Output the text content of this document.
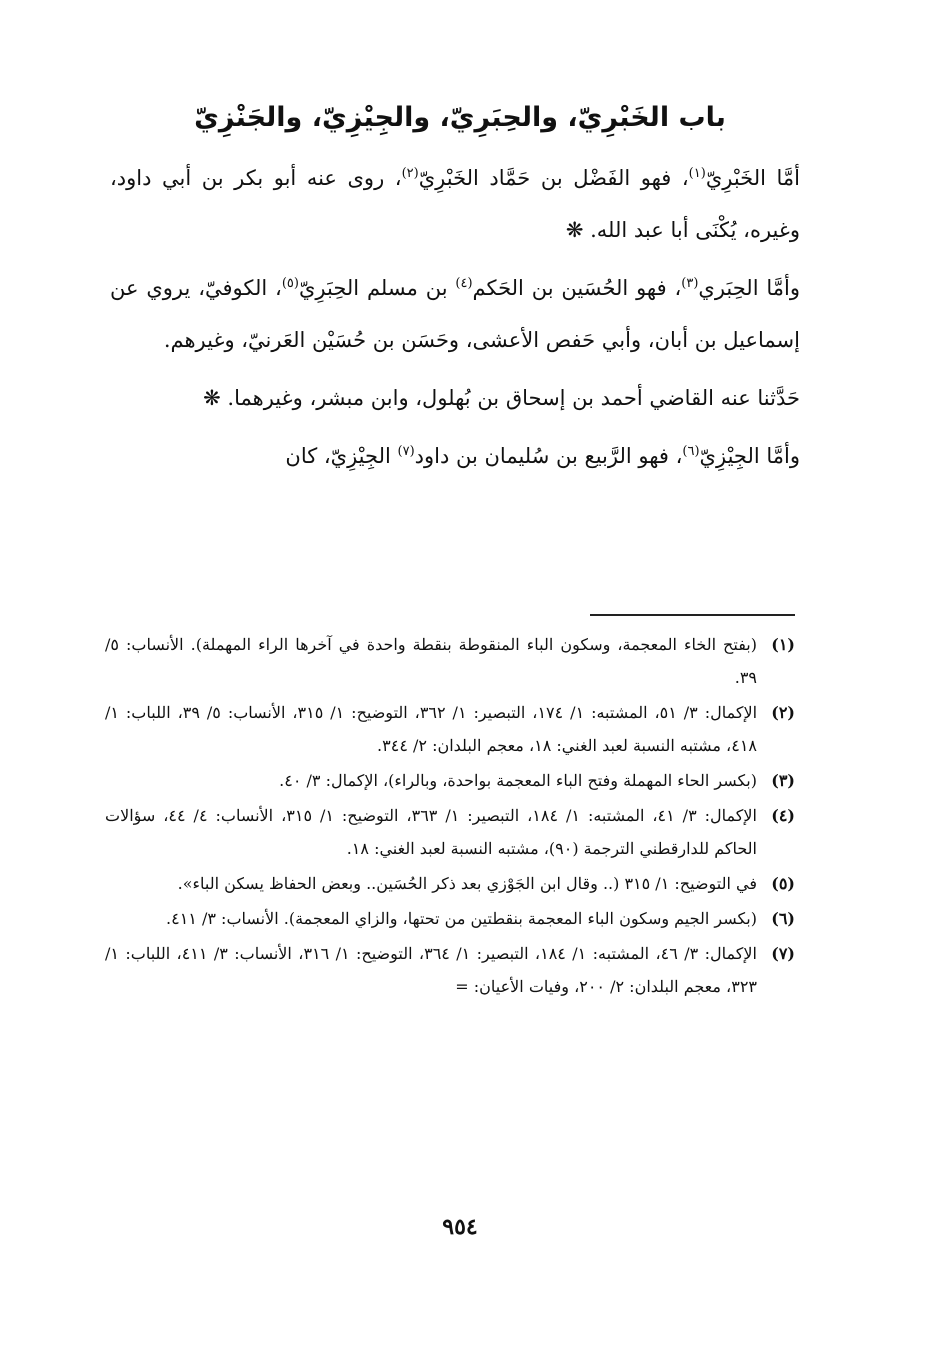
باب الخَبْرِيّ، والحِبَرِيّ، والجِيْزِيّ، والجَنْزِيّ

أمَّا الخَبْرِيّ$^{(١)}$، فهو الفَضْل بن حَمَّاد الخَبْرِيّ$^{(٢)}$، روى عنه أبو بكر بن أبي داود، وغيره، يُكْنَى أبا عبد الله. ❋

وأمَّا الحِبَري$^{(٣)}$، فهو الحُسَين بن الحَكم$^{(٤)}$ بن مسلم الحِبَرِيّ$^{(٥)}$، الكوفيّ، يروي عن إسماعيل بن أبان، وأبي حَفص الأعشى، وحَسَن بن حُسَيْن العَرنيّ، وغيرهم.

حَدَّثنا عنه القاضي أحمد بن إسحاق بن بُهلول، وابن مبشر، وغيرهما. ❋

وأمَّا الجِيْزِيّ$^{(٦)}$، فهو الرَّبيع بن سُليمان بن داود$^{(٧)}$ الجِيْزِيّ، كان

(١)
(بفتح الخاء المعجمة، وسكون الباء المنقوطة بنقطة واحدة في آخرها الراء المهملة). الأنساب: ٥/ ٣٩.
(٢)
الإكمال: ٣/ ٥١، المشتبه: ١/ ١٧٤، التبصير: ١/ ٣٦٢، التوضيح: ١/ ٣١٥، الأنساب: ٥/ ٣٩، اللباب: ١/ ٤١٨، مشتبه النسبة لعبد الغني: ١٨، معجم البلدان: ٢/ ٣٤٤.
(٣)
(بكسر الحاء المهملة وفتح الباء المعجمة بواحدة، وبالراء)، الإكمال: ٣/ ٤٠.
(٤)
الإكمال: ٣/ ٤١، المشتبه: ١/ ١٨٤، التبصير: ١/ ٣٦٣، التوضيح: ١/ ٣١٥، الأنساب: ٤/ ٤٤، سؤالات الحاكم للدارقطني الترجمة (٩٠)، مشتبه النسبة لعبد الغني: ١٨.
(٥)
في التوضيح: ١/ ٣١٥ (.. وقال ابن الجَوْزي بعد ذكر الحُسَين.. وبعض الحفاظ يسكن الباء».
(٦)
(بكسر الجيم وسكون الباء المعجمة بنقطتين من تحتها، والزاي المعجمة). الأنساب: ٣/ ٤١١.
(٧)
الإكمال: ٣/ ٤٦، المشتبه: ١/ ١٨٤، التبصير: ١/ ٣٦٤، التوضيح: ١/ ٣١٦، الأنساب: ٣/ ٤١١، اللباب: ١/ ٣٢٣، معجم البلدان: ٢/ ٢٠٠، وفيات الأعيان: =
٩٥٤
